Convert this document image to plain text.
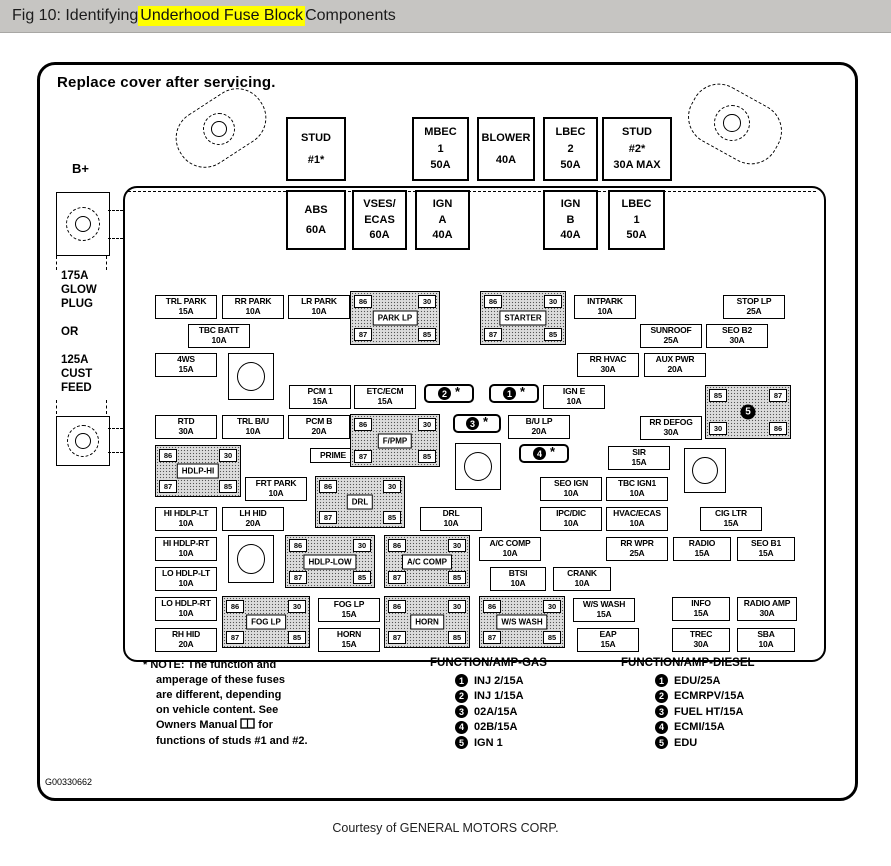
Fig 10: Identifying Underhood Fuse Block Components
Replace cover after servicing.
B+
175A
GLOW
PLUG
OR
125A
CUST
FEED
STUD
#1*
MBEC
1
50A
BLOWER
40A
LBEC
2
50A
STUD
#2*
30A MAX
ABS
60A
VSES/
ECAS
60A
IGN
A
40A
IGN
B
40A
LBEC
1
50A
TRL PARK
15A
RR PARK
10A
LR PARK
10A
INTPARK
10A
STOP LP
25A
TBC BATT
10A
SUNROOF
25A
SEO B2
30A
4WS
15A
RR HVAC
30A
AUX PWR
20A
PCM 1
15A
ETC/ECM
15A
IGN E
10A
RTD
30A
TRL B/U
10A
PCM B
20A
B/U LP
20A
RR DEFOG
30A
PRIME	SIR
15A
FRT PARK
10A
SEO IGN
10A
TBC IGN1
10A
HI HDLP-LT
10A
LH HID
20A
DRL
10A
IPC/DIC
10A
HVAC/ECAS
10A
CIG LTR
15A
HI HDLP-RT
10A
A/C COMP
10A
RR WPR
25A
RADIO
15A
SEO B1
15A
LO HDLP-LT
10A
BTSI
10A
CRANK
10A
LO HDLP-RT
10A
FOG LP
15A
W/S WASH
15A
INFO
15A
RADIO AMP
30A
RH HID
20A
HORN
15A
EAP
15A
TREC
30A
SBA
10A
86	30
87	85
PARK LP
86	30
87	85
STARTER
86	30
87	85
F/PMP
86	30
87	85
HDLP-HI
86	30
87	85
DRL
86	30
87	85
HDLP-LOW
86	30
87	85
A/C COMP
86	30
87	85
FOG LP
86	30
87	85
HORN
86	30
87	85
W/S WASH
85	87
30	86
5
2 *	1 *
3 *
4 *
* NOTE: The function and
amperage of these fuses
are different, depending
on vehicle content. See
Owners Manual for
functions of studs #1 and #2.
FUNCTION/AMP-GAS
1 INJ 2/15A
2 INJ 1/15A
3 02A/15A
4 02B/15A
5 IGN 1
FUNCTION/AMP-DIESEL
1 EDU/25A
2 ECMRPV/15A
3 FUEL HT/15A
4 ECMI/15A
5 EDU
G00330662
Courtesy of GENERAL MOTORS CORP.
